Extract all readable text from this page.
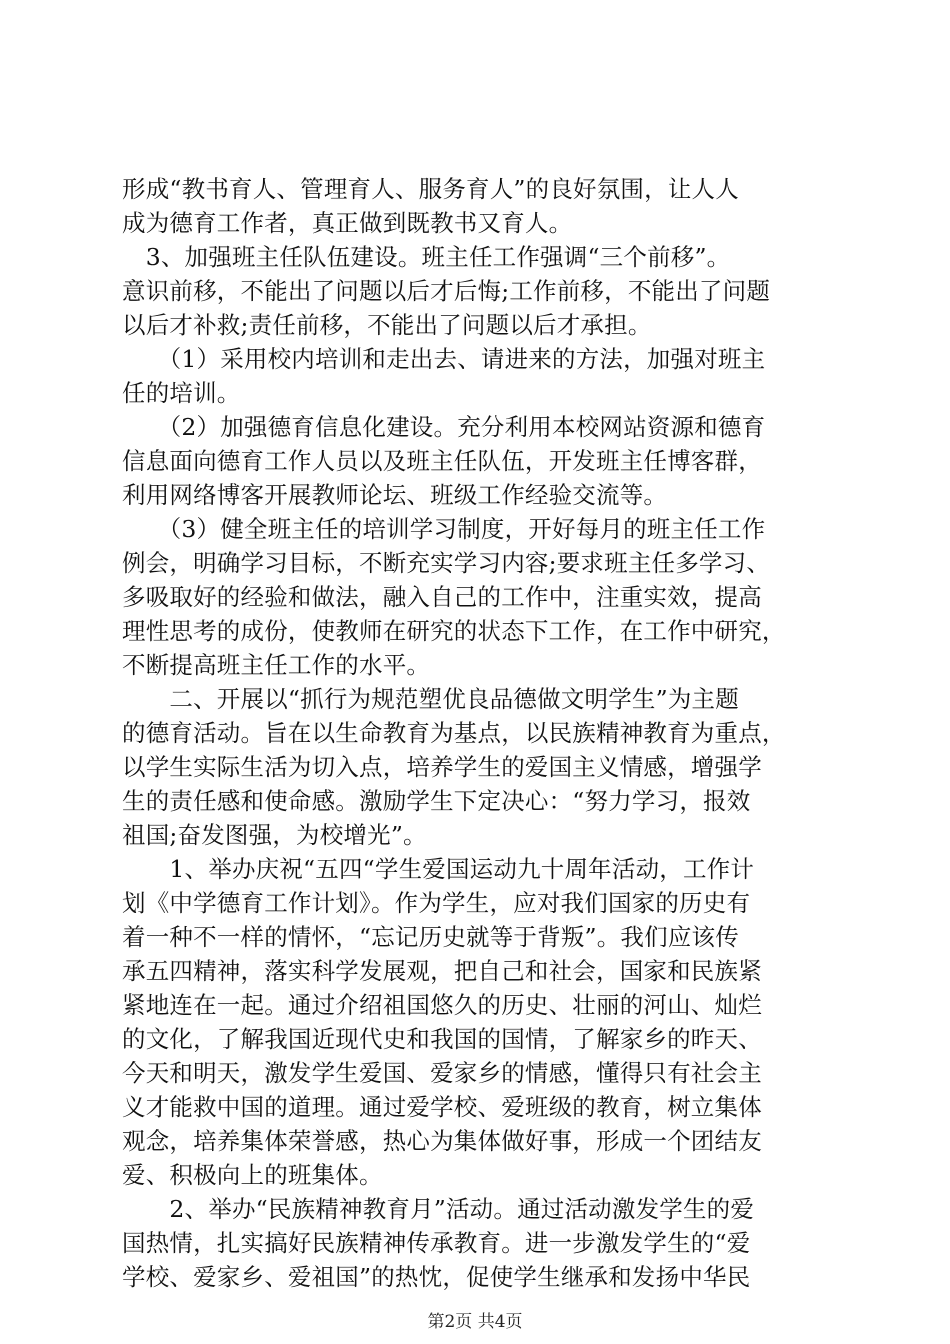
形成“教书育人、管理育人、服务育人”的良好氛围，让人人
成为德育工作者，真正做到既教书又育人。
　3、加强班主任队伍建设。班主任工作强调“三个前移”。
意识前移，不能出了问题以后才后悔;工作前移，不能出了问题
以后才补救;责任前移，不能出了问题以后才承担。
　　（1）采用校内培训和走出去、请进来的方法，加强对班主
任的培训。
　　（2）加强德育信息化建设。充分利用本校网站资源和德育
信息面向德育工作人员以及班主任队伍，开发班主任博客群，
利用网络博客开展教师论坛、班级工作经验交流等。
　　（3）健全班主任的培训学习制度，开好每月的班主任工作
例会，明确学习目标，不断充实学习内容;要求班主任多学习、
多吸取好的经验和做法，融入自己的工作中，注重实效，提高
理性思考的成份，使教师在研究的状态下工作，在工作中研究，
不断提高班主任工作的水平。
　　二、开展以“抓行为规范塑优良品德做文明学生”为主题
的德育活动。旨在以生命教育为基点，以民族精神教育为重点，
以学生实际生活为切入点，培养学生的爱国主义情感，增强学
生的责任感和使命感。激励学生下定决心：“努力学习，报效
祖国;奋发图强，为校增光”。
　　1、举办庆祝“五四“学生爱国运动九十周年活动，工作计
划《中学德育工作计划》。作为学生，应对我们国家的历史有
着一种不一样的情怀，“忘记历史就等于背叛”。我们应该传
承五四精神，落实科学发展观，把自己和社会，国家和民族紧
紧地连在一起。通过介绍祖国悠久的历史、壮丽的河山、灿烂
的文化，了解我国近现代史和我国的国情，了解家乡的昨天、
今天和明天，激发学生爱国、爱家乡的情感，懂得只有社会主
义才能救中国的道理。通过爱学校、爱班级的教育，树立集体
观念，培养集体荣誉感，热心为集体做好事，形成一个团结友
爱、积极向上的班集体。
　　2、举办“民族精神教育月”活动。通过活动激发学生的爱
国热情，扎实搞好民族精神传承教育。进一步激发学生的“爱
学校、爱家乡、爱祖国”的热忱，促使学生继承和发扬中华民
第2页 共4页
